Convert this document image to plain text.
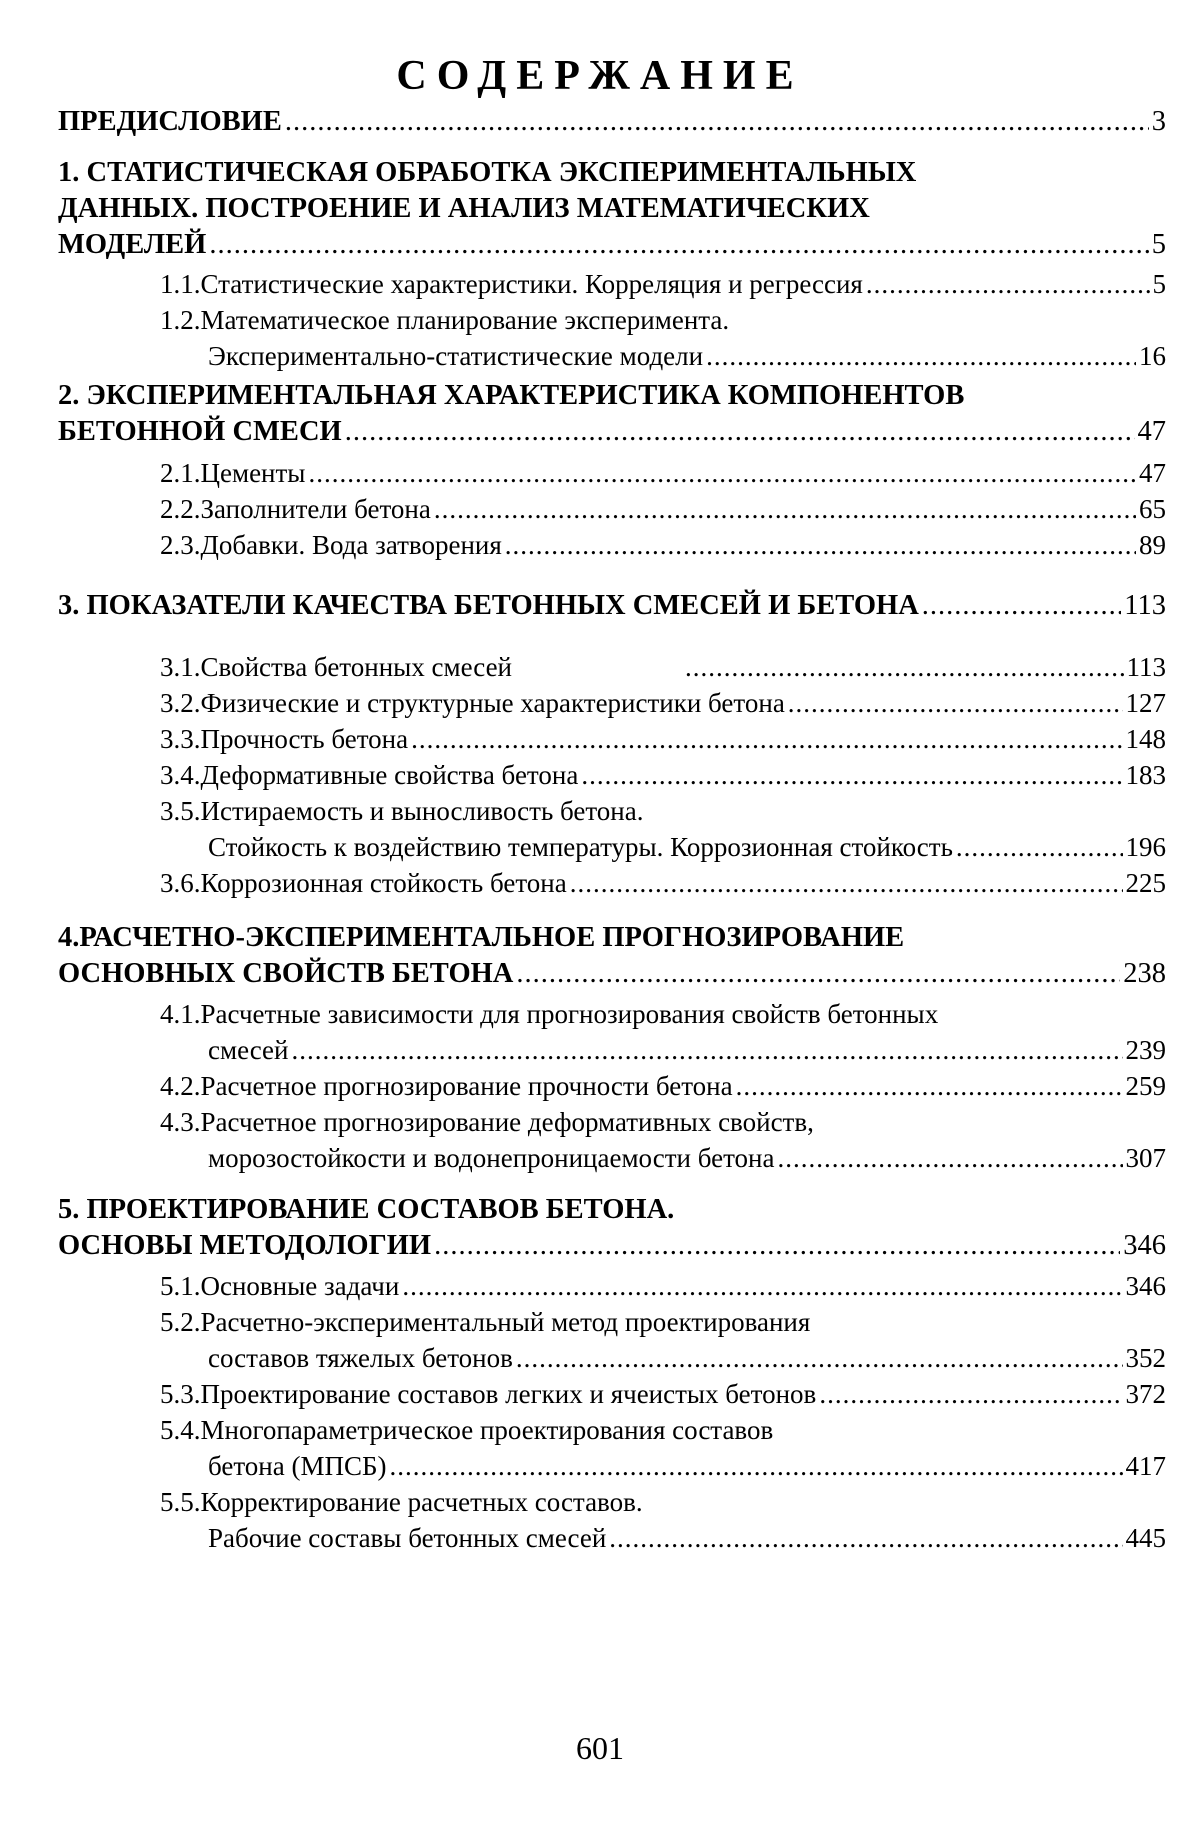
СОДЕРЖАНИЕ
ПРЕДИСЛОВИЕ .....	3
1. СТАТИСТИЧЕСКАЯ ОБРАБОТКА ЭКСПЕРИМЕНТАЛЬНЫХ
ДАННЫХ. ПОСТРОЕНИЕ И АНАЛИЗ МАТЕМАТИЧЕСКИХ
МОДЕЛЕЙ .....	5
1.1. Статистические характеристики. Корреляция и регрессия .....	5
1.2. Математическое планирование эксперимента.
Экспериментально-статистические модели .....	16
2. ЭКСПЕРИМЕНТАЛЬНАЯ ХАРАКТЕРИСТИКА КОМПОНЕНТОВ
БЕТОННОЙ СМЕСИ .....	47
2.1. Цементы .....	47
2.2. Заполнители бетона .....	65
2.3. Добавки. Вода затворения .....	89
3. ПОКАЗАТЕЛИ КАЧЕСТВА БЕТОННЫХ СМЕСЕЙ И БЕТОНА .....	113
3.1. Свойства бетонных смесей .....	113
3.2. Физические и структурные характеристики бетона .....	127
3.3. Прочность бетона .....	148
3.4. Деформативные свойства бетона .....	183
3.5. Истираемость и выносливость бетона.
Стойкость к воздействию температуры. Коррозионная стойкость .....	196
3.6. Коррозионная стойкость бетона .....	225
4.РАСЧЕТНО-ЭКСПЕРИМЕНТАЛЬНОЕ ПРОГНОЗИРОВАНИЕ
ОСНОВНЫХ СВОЙСТВ БЕТОНА .....	238
4.1. Расчетные зависимости для прогнозирования свойств бетонных
смесей .....	239
4.2. Расчетное прогнозирование прочности бетона .....	259
4.3. Расчетное прогнозирование деформативных свойств,
морозостойкости и водонепроницаемости бетона .....	307
5. ПРОЕКТИРОВАНИЕ СОСТАВОВ БЕТОНА.
ОСНОВЫ МЕТОДОЛОГИИ .....	346
5.1. Основные задачи .....	346
5.2. Расчетно-экспериментальный метод проектирования
составов тяжелых бетонов .....	352
5.3. Проектирование составов легких и ячеистых бетонов .....	372
5.4. Многопараметрическое проектирования составов
бетона (МПСБ) .....	417
5.5. Корректирование расчетных составов.
Рабочие составы бетонных смесей .....	445
601
